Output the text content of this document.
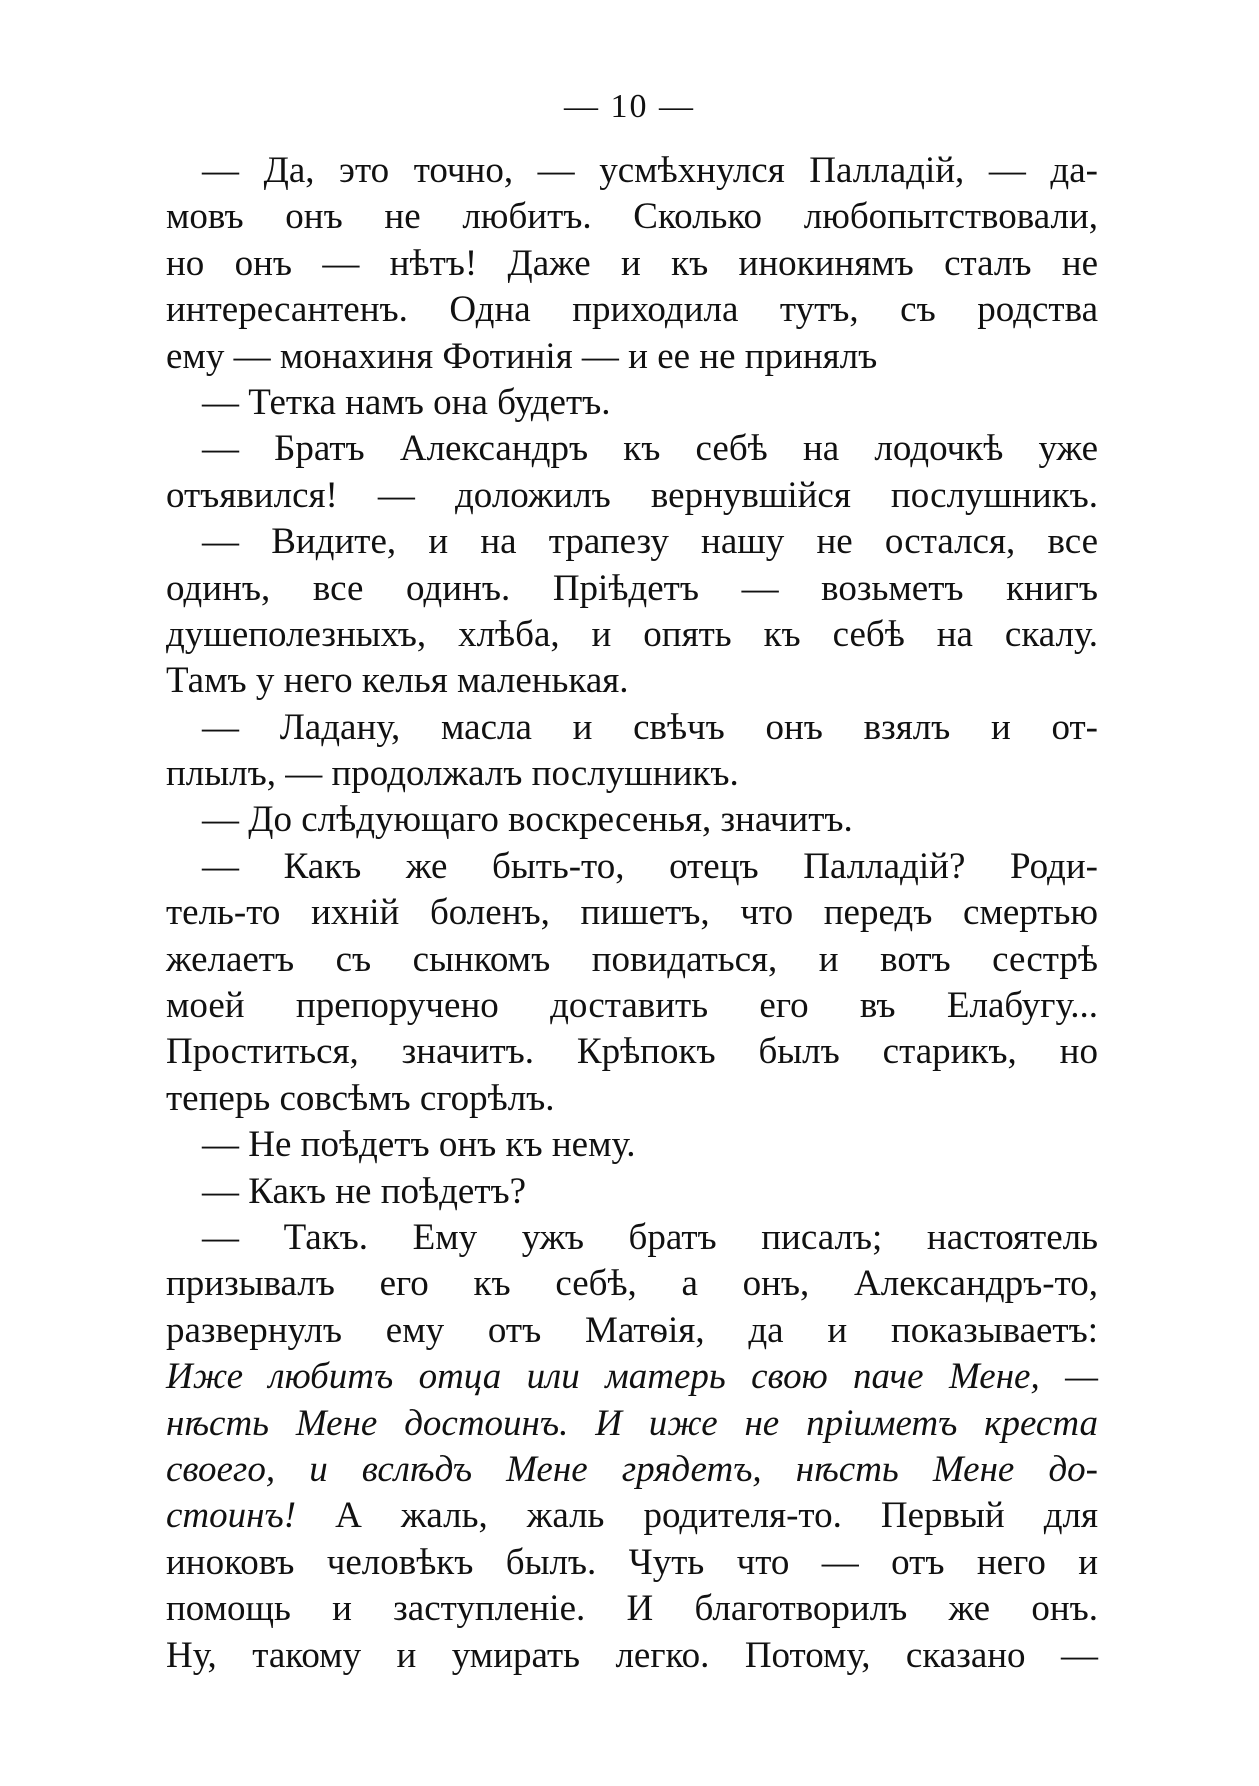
— 10 —
— Да, это точно, — усмѣхнулся Палладій, — да-
мовъ онъ не любитъ. Сколько любопытствовали,
но онъ — нѣтъ! Даже и къ инокинямъ сталъ не
интересантенъ. Одна приходила тутъ, съ родства
ему — монахиня Фотинія — и ее не принялъ
— Тетка намъ она будетъ.
— Братъ Александръ къ себѣ на лодочкѣ уже
отъявился! — доложилъ вернувшійся послушникъ.
— Видите, и на трапезу нашу не остался, все
одинъ, все одинъ. Пріѣдетъ — возьметъ книгъ
душеполезныхъ, хлѣба, и опять къ себѣ на скалу.
Тамъ у него келья маленькая.
— Ладану, масла и свѣчъ онъ взялъ и от-
плылъ, — продолжалъ послушникъ.
— До слѣдующаго воскресенья, значитъ.
— Какъ же быть-то, отецъ Палладій? Роди-
тель-то ихній боленъ, пишетъ, что передъ смертью
желаетъ съ сынкомъ повидаться, и вотъ сестрѣ
моей препоручено доставить его въ Елабугу...
Проститься, значитъ. Крѣпокъ былъ старикъ, но
теперь совсѣмъ сгорѣлъ.
— Не поѣдетъ онъ къ нему.
— Какъ не поѣдетъ?
— Такъ. Ему ужъ братъ писалъ; настоятель
призывалъ его къ себѣ, а онъ, Александръ-то,
развернулъ ему отъ Матѳія, да и показываетъ:
Иже любитъ отца или матерь свою паче Мене, —
нѣсть Мене достоинъ. И иже не пріиметъ креста
своего, и вслѣдъ Мене грядетъ, нѣсть Мене до-
стоинъ! А жаль, жаль родителя-то. Первый для
иноковъ человѣкъ былъ. Чуть что — отъ него и
помощь и заступленіе. И благотворилъ же онъ.
Ну, такому и умирать легко. Потому, сказано —
